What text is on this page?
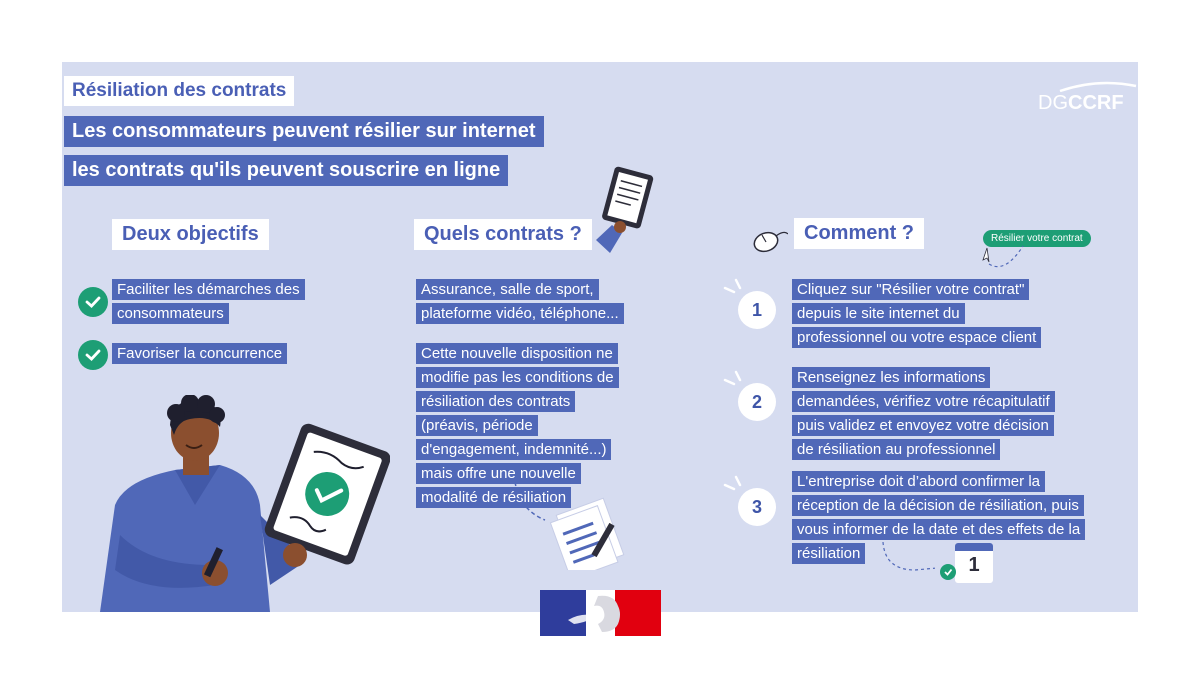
Résiliation des contrats
Les consommateurs peuvent résilier sur internet
les contrats qu'ils peuvent souscrire en ligne
DGCCRF
Deux objectifs
Faciliter les démarches des
consommateurs
Favoriser la concurrence
Quels contrats ?
Assurance, salle de sport,
plateforme vidéo, téléphone...
Cette nouvelle disposition ne
modifie pas les conditions de
résiliation des contrats
(préavis, période
d'engagement, indemnité...)
mais offre une nouvelle
modalité de résiliation
Comment ?	Résilier votre contrat
1
Cliquez sur "Résilier votre contrat"
depuis le site internet du
professionnel ou votre espace client
2
Renseignez les informations
demandées, vérifiez votre récapitulatif
puis validez et envoyez votre décision
de résiliation au professionnel
3
L'entreprise doit d’abord confirmer la
réception de la décision de résiliation, puis
vous informer de la date et des effets de la
résiliation
1
